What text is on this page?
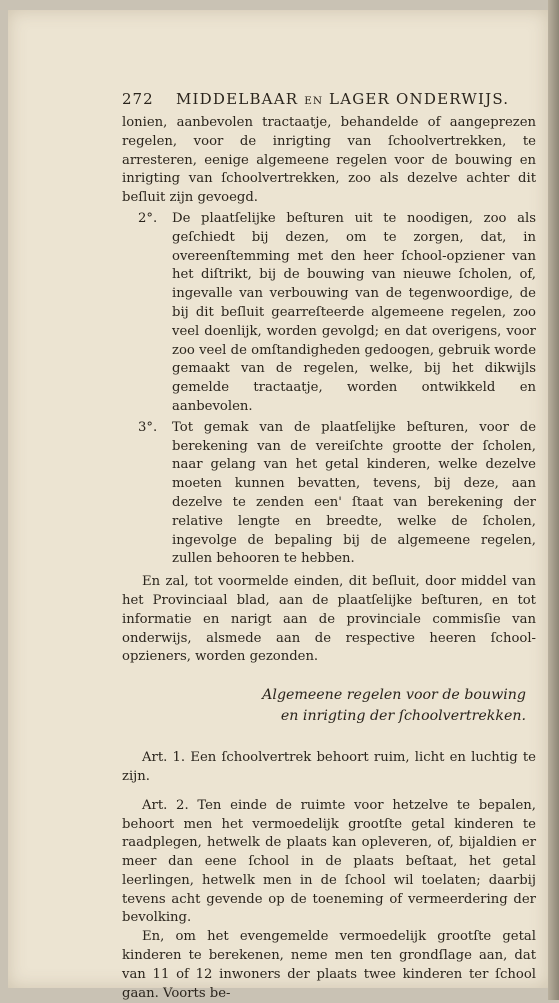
272 MIDDELBAAR EN LAGER ONDERWIJS.

lonien, aanbevolen tractaatje, behandelde of aangeprezen regelen, voor de inrigting van ſchoolvertrekken, te arresteren, eenige algemeene regelen voor de bouwing en inrigting van ſchoolvertrekken, zoo als dezelve achter dit beſluit zijn gevoegd.

2°. De plaatſelijke beſturen uit te noodigen, zoo als geſchiedt bij dezen, om te zorgen, dat, in overeenſtemming met den heer ſchool-opziener van het diſtrikt, bij de bouwing van nieuwe ſcholen, of, ingevalle van verbouwing van de tegenwoordige, de bij dit beſluit gearreſteerde algemeene regelen, zoo veel doenlijk, worden gevolgd; en dat overigens, voor zoo veel de omſtandigheden gedoogen, gebruik worde gemaakt van de regelen, welke, bij het dikwijls gemelde tractaatje, worden ontwikkeld en aanbevolen.

3°. Tot gemak van de plaatſelijke beſturen, voor de berekening van de vereiſchte grootte der ſcholen, naar gelang van het getal kinderen, welke dezelve moeten kunnen bevatten, tevens, bij deze, aan dezelve te zenden een' ſtaat van berekening der relative lengte en breedte, welke de ſcholen, ingevolge de bepaling bij de algemeene regelen, zullen behooren te hebben.

En zal, tot voormelde einden, dit beſluit, door middel van het Provinciaal blad, aan de plaatſelijke beſturen, en tot informatie en narigt aan de provinciale commisſie van onderwijs, alsmede aan de respective heeren ſchool-opzieners, worden gezonden.

Algemeene regelen voor de bouwing
en inrigting der ſchoolvertrekken.

Art. 1. Een ſchoolvertrek behoort ruim, licht en luchtig te zijn.

Art. 2. Ten einde de ruimte voor hetzelve te bepalen, behoort men het vermoedelijk grootſte getal kinderen te raadplegen, hetwelk de plaats kan opleveren, of, bijaldien er meer dan eene ſchool in de plaats beſtaat, het getal leerlingen, hetwelk men in de ſchool wil toelaten; daarbij tevens acht gevende op de toeneming of vermeerdering der bevolking.

En, om het evengemelde vermoedelijk grootſte getal kinderen te berekenen, neme men ten grondſlage aan, dat van 11 of 12 inwoners der plaats twee kinderen ter ſchool gaan. Voorts be-
